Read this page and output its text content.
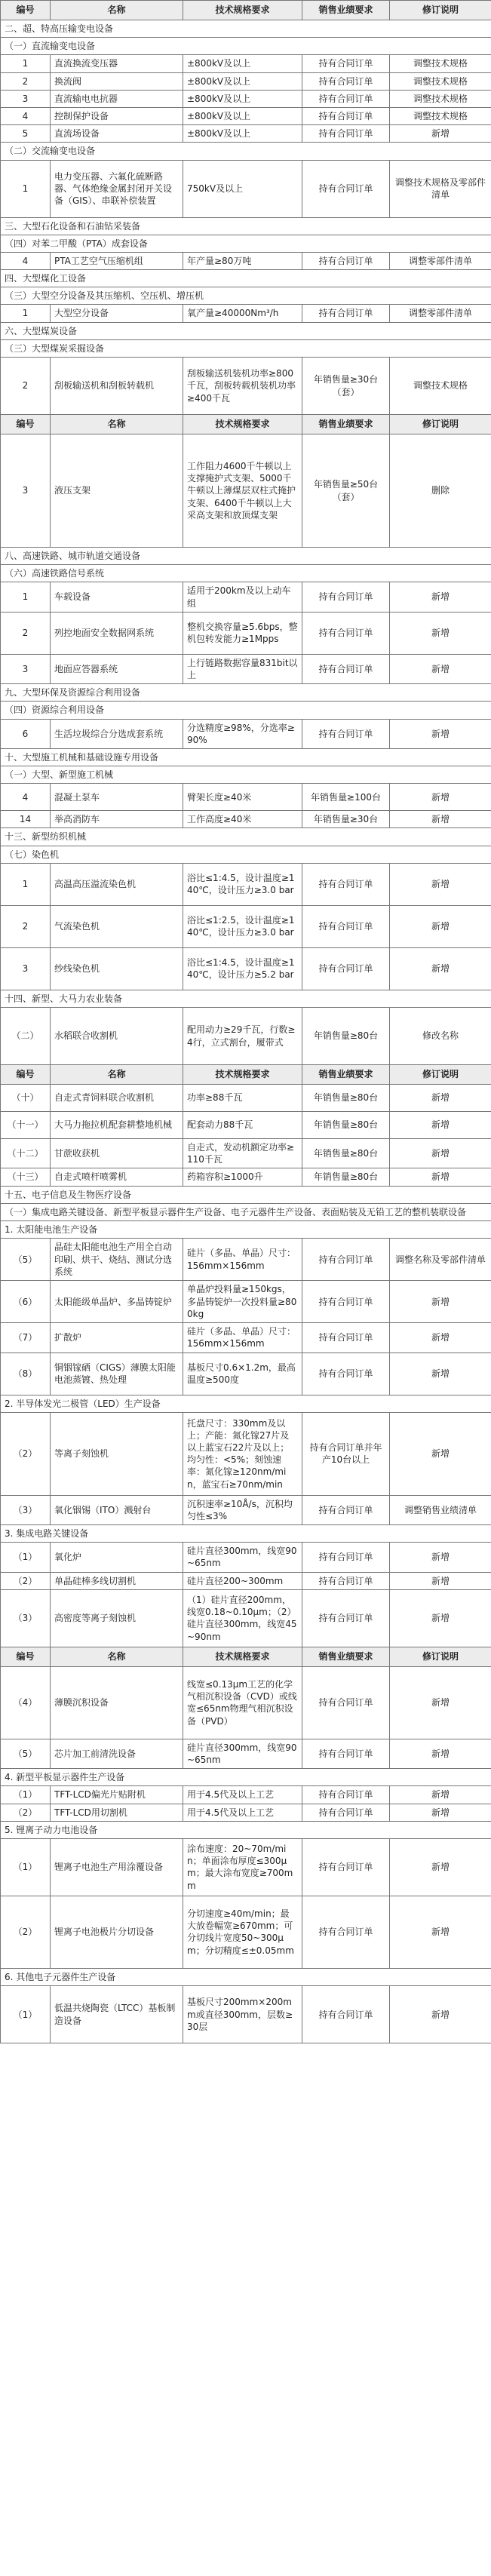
编号	名称	技术规格要求	销售业绩要求	修订说明
二、超、特高压输变电设备				
（一）直流输变电设备				
1	直流换流变压器	±800kV及以上	持有合同订单	调整技术规格
2	换流阀	±800kV及以上	持有合同订单	调整技术规格
3	直流输电电抗器	±800kV及以上	持有合同订单	调整技术规格
4	控制保护设备	±800kV及以上	持有合同订单	调整技术规格
5	直流场设备	±800kV及以上	持有合同订单	新增
（二）交流输变电设备				
1	电力变压器、六氟化硫断路器、气体绝缘金属封闭开关设备（GIS）、串联补偿装置	750kV及以上	持有合同订单	调整技术规格及零部件清单
三、大型石化设备和石油钻采装备				
（四）对苯二甲酸（PTA）成套设备				
4	PTA工艺空气压缩机组	年产量≥80万吨	持有合同订单	调整零部件清单
四、大型煤化工设备				
（三）大型空分设备及其压缩机、空压机、增压机				
1	大型空分设备	氧产量≥40000Nm³/h	持有合同订单	调整零部件清单
六、大型煤炭设备				
（三）大型煤炭采掘设备				
2	刮板输送机和刮板转载机	刮板输送机装机功率≥800千瓦，刮板转载机装机功率≥400千瓦	年销售量≥30台（套）	调整技术规格
编号	名称	技术规格要求	销售业绩要求	修订说明
3	液压支架	工作阻力4600千牛顿以上支撑掩护式支架、5000千牛顿以上薄煤层双柱式掩护支架、6400千牛顿以上大采高支架和放顶煤支架	年销售量≥50台（套）	删除
八、高速铁路、城市轨道交通设备				
（六）高速铁路信号系统				
1	车载设备	适用于200km及以上动车组	持有合同订单	新增
2	列控地面安全数据网系统	整机交换容量≥5.6bps，整机包转发能力≥1Mpps	持有合同订单	新增
3	地面应答器系统	上行链路数据容量831bit以上	持有合同订单	新增
九、大型环保及资源综合利用设备				
（四）资源综合利用设备				
6	生活垃圾综合分选成套系统	分选精度≥98%，分选率≥90%	持有合同订单	新增
十、大型施工机械和基础设施专用设备				
（一）大型、新型施工机械				
4	混凝土泵车	臂架长度≥40米	年销售量≥100台	新增
14	举高消防车	工作高度≥40米	年销售量≥30台	新增
十三、新型纺织机械				
（七）染色机				
1	高温高压溢流染色机	浴比≤1:4.5，设计温度≥140℃，设计压力≥3.0 bar	持有合同订单	新增
2	气流染色机	浴比≤1:2.5，设计温度≥140℃，设计压力≥3.0 bar	持有合同订单	新增
3	纱线染色机	浴比≤1:4.5，设计温度≥140℃，设计压力≥5.2 bar	持有合同订单	新增
十四、新型、大马力农业装备				
（二）	水稻联合收割机	配用动力≥29千瓦，行数≥4行，立式割台，履带式	年销售量≥80台	修改名称
编号	名称	技术规格要求	销售业绩要求	修订说明
（十）	自走式青饲料联合收割机	功率≥88千瓦	年销售量≥80台	新增
（十一）	大马力拖拉机配套耕整地机械	配套动力88千瓦	年销售量≥80台	新增
（十二）	甘蔗收获机	自走式，发动机额定功率≥110千瓦	年销售量≥80台	新增
（十三）	自走式喷杆喷雾机	药箱容积≥1000升	年销售量≥80台	新增
十五、电子信息及生物医疗设备				
（一）集成电路关键设备、新型平板显示器件生产设备、电子元器件生产设备、表面贴装及无铅工艺的整机装联设备				
1. 太阳能电池生产设备				
（5）	晶硅太阳能电池生产用全自动印刷、烘干、烧结、测试分选系统	硅片（多晶、单晶）尺寸：156mm×156mm	持有合同订单	调整名称及零部件清单
（6）	太阳能级单晶炉、多晶铸锭炉	单晶炉投料量≥150kgs，多晶铸锭炉一次投料量≥800kg	持有合同订单	新增
（7）	扩散炉	硅片（多晶、单晶）尺寸：156mm×156mm	持有合同订单	新增
（8）	铜铟镓硒（CIGS）薄膜太阳能电池蒸镀、热处理	基板尺寸0.6×1.2m，最高温度≥500度	持有合同订单	新增
2. 半导体发光二极管（LED）生产设备				
（2）	等离子刻蚀机	托盘尺寸：330mm及以上；产能：氮化镓27片及以上蓝宝石22片及以上；均匀性：<5%；刻蚀速率：氮化镓≥120nm/min，蓝宝石≥70nm/min	持有合同订单并年产10台以上	新增
（3）	氧化铟锡（ITO）溅射台	沉积速率≥10Å/s，沉积均匀性≤3%	持有合同订单	调整销售业绩清单
3. 集成电路关键设备				
（1）	氧化炉	硅片直径300mm，线宽90~65nm	持有合同订单	新增
（2）	单晶硅棒多线切割机	硅片直径200~300mm	持有合同订单	新增
（3）	高密度等离子刻蚀机	（1）硅片直径200mm，线宽0.18~0.10μm；（2）硅片直径300mm，线宽45~90nm	持有合同订单	新增
编号	名称	技术规格要求	销售业绩要求	修订说明
（4）	薄膜沉积设备	线宽≤0.13μm工艺的化学气相沉积设备（CVD）或线宽≤65nm物理气相沉积设备（PVD）	持有合同订单	新增
（5）	芯片加工前清洗设备	硅片直径300mm，线宽90~65nm	持有合同订单	新增
4. 新型平板显示器件生产设备				
（1）	TFT-LCD偏光片贴附机	用于4.5代及以上工艺	持有合同订单	新增
（2）	TFT-LCD用切割机	用于4.5代及以上工艺	持有合同订单	新增
5. 锂离子动力电池设备				
（1）	锂离子电池生产用涂覆设备	涂布速度：20~70m/min；单面涂布厚度≤300μm；最大涂布宽度≥700mm	持有合同订单	新增
（2）	锂离子电池极片分切设备	分切速度≥40m/min；最大放卷幅宽≥670mm；可分切线片宽度50~300μm；分切精度≤±0.05mm	持有合同订单	新增
6. 其他电子元器件生产设备				
（1）	低温共烧陶瓷（LTCC）基板制造设备	基板尺寸200mm×200mm或直径300mm，层数≥30层	持有合同订单	新增
